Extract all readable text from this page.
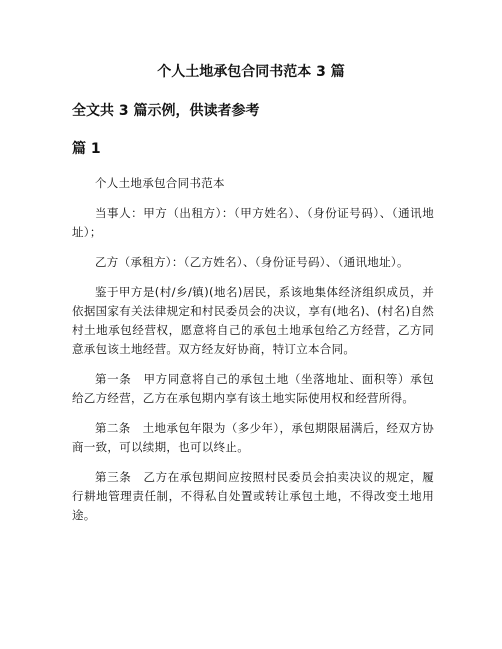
个人土地承包合同书范本 3 篇
全文共 3 篇示例，供读者参考
篇 1

个人土地承包合同书范本

当事人：甲方（出租方）：（甲方姓名）、（身份证号码）、（通讯地址）；

乙方（承租方）：（乙方姓名）、（身份证号码）、（通讯地址）。

鉴于甲方是(村/乡/镇)(地名)居民，系该地集体经济组织成员，并依据国家有关法律规定和村民委员会的决议，享有(地名)、(村名)自然村土地承包经营权，愿意将自己的承包土地承包给乙方经营，乙方同意承包该土地经营。双方经友好协商，特订立本合同。

第一条　甲方同意将自己的承包土地（坐落地址、面积等）承包给乙方经营，乙方在承包期内享有该土地实际使用权和经营所得。

第二条　土地承包年限为（多少年），承包期限届满后，经双方协商一致，可以续期，也可以终止。

第三条　乙方在承包期间应按照村民委员会拍卖决议的规定，履行耕地管理责任制，不得私自处置或转让承包土地，不得改变土地用途。
